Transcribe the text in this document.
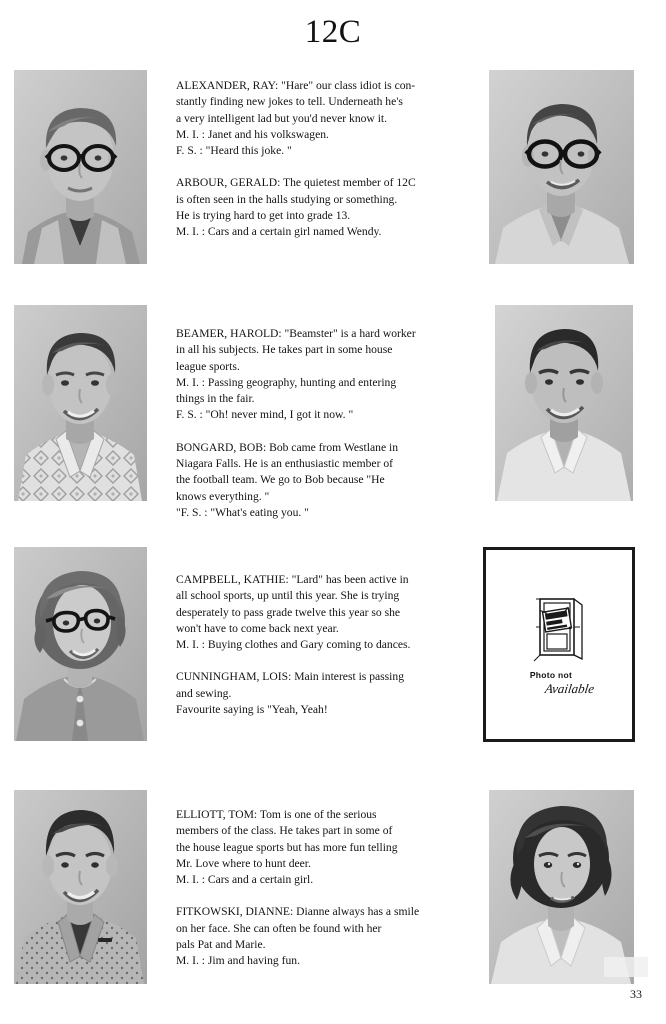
12C

ALEXANDER, RAY: "Hare" our class idiot is con-

stantly finding new jokes to tell. Underneath he's

a very intelligent lad but you'd never know it.

M. I. : Janet and his volkswagen.

F. S. : "Heard this joke. "

ARBOUR, GERALD: The quietest member of 12C

is often seen in the halls studying or something.

He is trying hard to get into grade 13.

M. I. : Cars and a certain girl named Wendy.

BEAMER, HAROLD: "Beamster" is a hard worker

in all his subjects. He takes part in some house

league sports.

M. I. : Passing geography, hunting and entering

things in the fair.

F. S. : "Oh! never mind, I got it now. "

BONGARD, BOB: Bob came from Westlane in

Niagara Falls. He is an enthusiastic member of

the football team. We go to Bob because "He

knows everything. "

"F. S. : "What's eating you. "

CAMPBELL, KATHIE: "Lard" has been active in

all school sports, up until this year. She is trying

desperately to pass grade twelve this year so she

won't have to come back next year.

M. I. : Buying clothes and Gary coming to dances.

CUNNINGHAM, LOIS: Main interest is passing

and sewing.

Favourite saying is "Yeah, Yeah!

Photo not
Available

ELLIOTT, TOM: Tom is one of the serious

members of the class. He takes part in some of

the house league sports but has more fun telling

Mr. Love where to hunt deer.

M. I. : Cars and a certain girl.

FITKOWSKI, DIANNE: Dianne always has a smile

on her face. She can often be found with her

pals Pat and Marie.

M. I. : Jim and having fun.

33
